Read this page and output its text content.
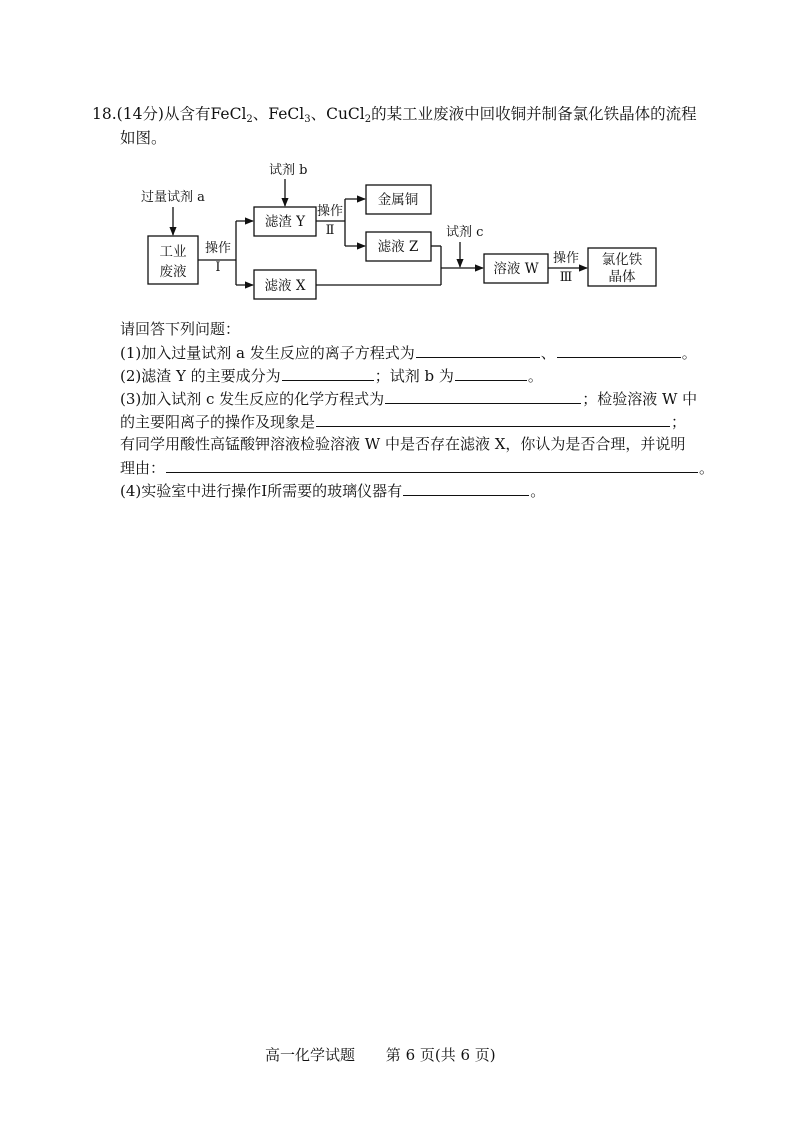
18.(14分)从含有FeCl$_2$、FeCl$_3$、CuCl$_2$的某工业废液中回收铜并制备氯化铁晶体的流程
如图。
过量试剂 a
工业
废液
操作
Ⅰ
试剂 b
滤渣 Y
滤液 X
操作
Ⅱ
金属铜
滤液 Z
试剂 c
溶液 W
操作
Ⅲ
氯化铁
晶体
请回答下列问题：
(1)加入过量试剂 a 发生反应的离子方程式为	、	。
(2)滤渣 Y 的主要成分为	；试剂 b 为	。
(3)加入试剂 c 发生反应的化学方程式为	；检验溶液 W 中
的主要阳离子的操作及现象是	；
有同学用酸性高锰酸钾溶液检验溶液 W 中是否存在滤液 X，你认为是否合理，并说明
理由：	。
(4)实验室中进行操作Ⅰ所需要的玻璃仪器有	。
高一化学试题 第 6 页(共 6 页)
